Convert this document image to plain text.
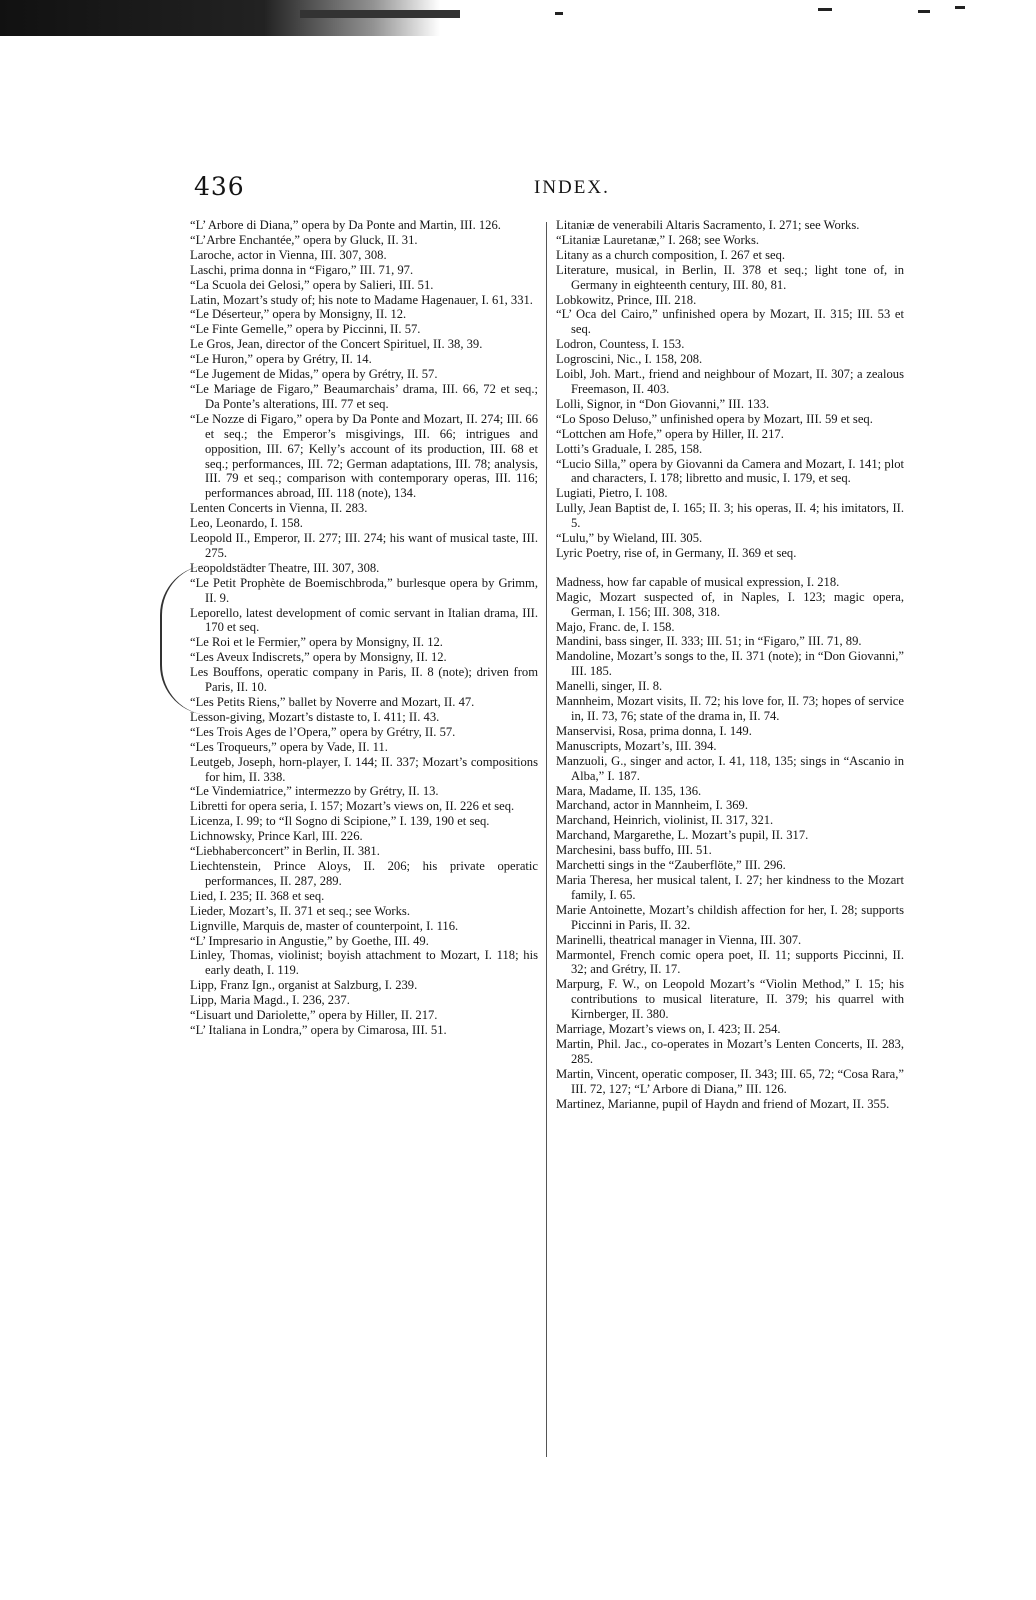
436	INDEX.

“L’ Arbore di Diana,” opera by Da Ponte and Martin, III. 126.

“L’Arbre Enchantée,” opera by Gluck, II. 31.

Laroche, actor in Vienna, III. 307, 308.

Laschi, prima donna in “Figaro,” III. 71, 97.

“La Scuola dei Gelosi,” opera by Salieri, III. 51.

Latin, Mozart’s study of; his note to Madame Hagenauer, I. 61, 331.

“Le Déserteur,” opera by Monsigny, II. 12.

“Le Finte Gemelle,” opera by Piccinni, II. 57.

Le Gros, Jean, director of the Concert Spirituel, II. 38, 39.

“Le Huron,” opera by Grétry, II. 14.

“Le Jugement de Midas,” opera by Grétry, II. 57.

“Le Mariage de Figaro,” Beaumarchais’ drama, III. 66, 72 et seq.; Da Ponte’s alterations, III. 77 et seq.

“Le Nozze di Figaro,” opera by Da Ponte and Mozart, II. 274; III. 66 et seq.; the Emperor’s misgivings, III. 66; intrigues and opposition, III. 67; Kelly’s account of its production, III. 68 et seq.; performances, III. 72; German adaptations, III. 78; analysis, III. 79 et seq.; comparison with contemporary operas, III. 116; performances abroad, III. 118 (note), 134.

Lenten Concerts in Vienna, II. 283.

Leo, Leonardo, I. 158.

Leopold II., Emperor, II. 277; III. 274; his want of musical taste, III. 275.

Leopoldstädter Theatre, III. 307, 308.

“Le Petit Prophète de Boemischbroda,” burlesque opera by Grimm, II. 9.

Leporello, latest development of comic servant in Italian drama, III. 170 et seq.

“Le Roi et le Fermier,” opera by Monsigny, II. 12.

“Les Aveux Indiscrets,” opera by Monsigny, II. 12.

Les Bouffons, operatic company in Paris, II. 8 (note); driven from Paris, II. 10.

“Les Petits Riens,” ballet by Noverre and Mozart, II. 47.

Lesson-giving, Mozart’s distaste to, I. 411; II. 43.

“Les Trois Ages de l’Opera,” opera by Grétry, II. 57.

“Les Troqueurs,” opera by Vade, II. 11.

Leutgeb, Joseph, horn-player, I. 144; II. 337; Mozart’s compositions for him, II. 338.

“Le Vindemiatrice,” intermezzo by Grétry, II. 13.

Libretti for opera seria, I. 157; Mozart’s views on, II. 226 et seq.

Licenza, I. 99; to “Il Sogno di Scipione,” I. 139, 190 et seq.

Lichnowsky, Prince Karl, III. 226.

“Liebhaberconcert” in Berlin, II. 381.

Liechtenstein, Prince Aloys, II. 206; his private operatic performances, II. 287, 289.

Lied, I. 235; II. 368 et seq.

Lieder, Mozart’s, II. 371 et seq.; see Works.

Lignville, Marquis de, master of counterpoint, I. 116.

“L’ Impresario in Angustie,” by Goethe, III. 49.

Linley, Thomas, violinist; boyish attachment to Mozart, I. 118; his early death, I. 119.

Lipp, Franz Ign., organist at Salzburg, I. 239.

Lipp, Maria Magd., I. 236, 237.

“Lisuart und Dariolette,” opera by Hiller, II. 217.

“L’ Italiana in Londra,” opera by Cimarosa, III. 51.

Litaniæ de venerabili Altaris Sacramento, I. 271; see Works.

“Litaniæ Lauretanæ,” I. 268; see Works.

Litany as a church composition, I. 267 et seq.

Literature, musical, in Berlin, II. 378 et seq.; light tone of, in Germany in eighteenth century, III. 80, 81.

Lobkowitz, Prince, III. 218.

“L’ Oca del Cairo,” unfinished opera by Mozart, II. 315; III. 53 et seq.

Lodron, Countess, I. 153.

Logroscini, Nic., I. 158, 208.

Loibl, Joh. Mart., friend and neighbour of Mozart, II. 307; a zealous Freemason, II. 403.

Lolli, Signor, in “Don Giovanni,” III. 133.

“Lo Sposo Deluso,” unfinished opera by Mozart, III. 59 et seq.

“Lottchen am Hofe,” opera by Hiller, II. 217.

Lotti’s Graduale, I. 285, 158.

“Lucio Silla,” opera by Giovanni da Camera and Mozart, I. 141; plot and characters, I. 178; libretto and music, I. 179, et seq.

Lugiati, Pietro, I. 108.

Lully, Jean Baptist de, I. 165; II. 3; his operas, II. 4; his imitators, II. 5.

“Lulu,” by Wieland, III. 305.

Lyric Poetry, rise of, in Germany, II. 369 et seq.

Madness, how far capable of musical expression, I. 218.

Magic, Mozart suspected of, in Naples, I. 123; magic opera, German, I. 156; III. 308, 318.

Majo, Franc. de, I. 158.

Mandini, bass singer, II. 333; III. 51; in “Figaro,” III. 71, 89.

Mandoline, Mozart’s songs to the, II. 371 (note); in “Don Giovanni,” III. 185.

Manelli, singer, II. 8.

Mannheim, Mozart visits, II. 72; his love for, II. 73; hopes of service in, II. 73, 76; state of the drama in, II. 74.

Manservisi, Rosa, prima donna, I. 149.

Manuscripts, Mozart’s, III. 394.

Manzuoli, G., singer and actor, I. 41, 118, 135; sings in “Ascanio in Alba,” I. 187.

Mara, Madame, II. 135, 136.

Marchand, actor in Mannheim, I. 369.

Marchand, Heinrich, violinist, II. 317, 321.

Marchand, Margarethe, L. Mozart’s pupil, II. 317.

Marchesini, bass buffo, III. 51.

Marchetti sings in the “Zauberflöte,” III. 296.

Maria Theresa, her musical talent, I. 27; her kindness to the Mozart family, I. 65.

Marie Antoinette, Mozart’s childish affection for her, I. 28; supports Piccinni in Paris, II. 32.

Marinelli, theatrical manager in Vienna, III. 307.

Marmontel, French comic opera poet, II. 11; supports Piccinni, II. 32; and Grétry, II. 17.

Marpurg, F. W., on Leopold Mozart’s “Violin Method,” I. 15; his contributions to musical literature, II. 379; his quarrel with Kirnberger, II. 380.

Marriage, Mozart’s views on, I. 423; II. 254.

Martin, Phil. Jac., co-operates in Mozart’s Lenten Concerts, II. 283, 285.

Martin, Vincent, operatic composer, II. 343; III. 65, 72; “Cosa Rara,” III. 72, 127; “L’ Arbore di Diana,” III. 126.

Martinez, Marianne, pupil of Haydn and friend of Mozart, II. 355.
